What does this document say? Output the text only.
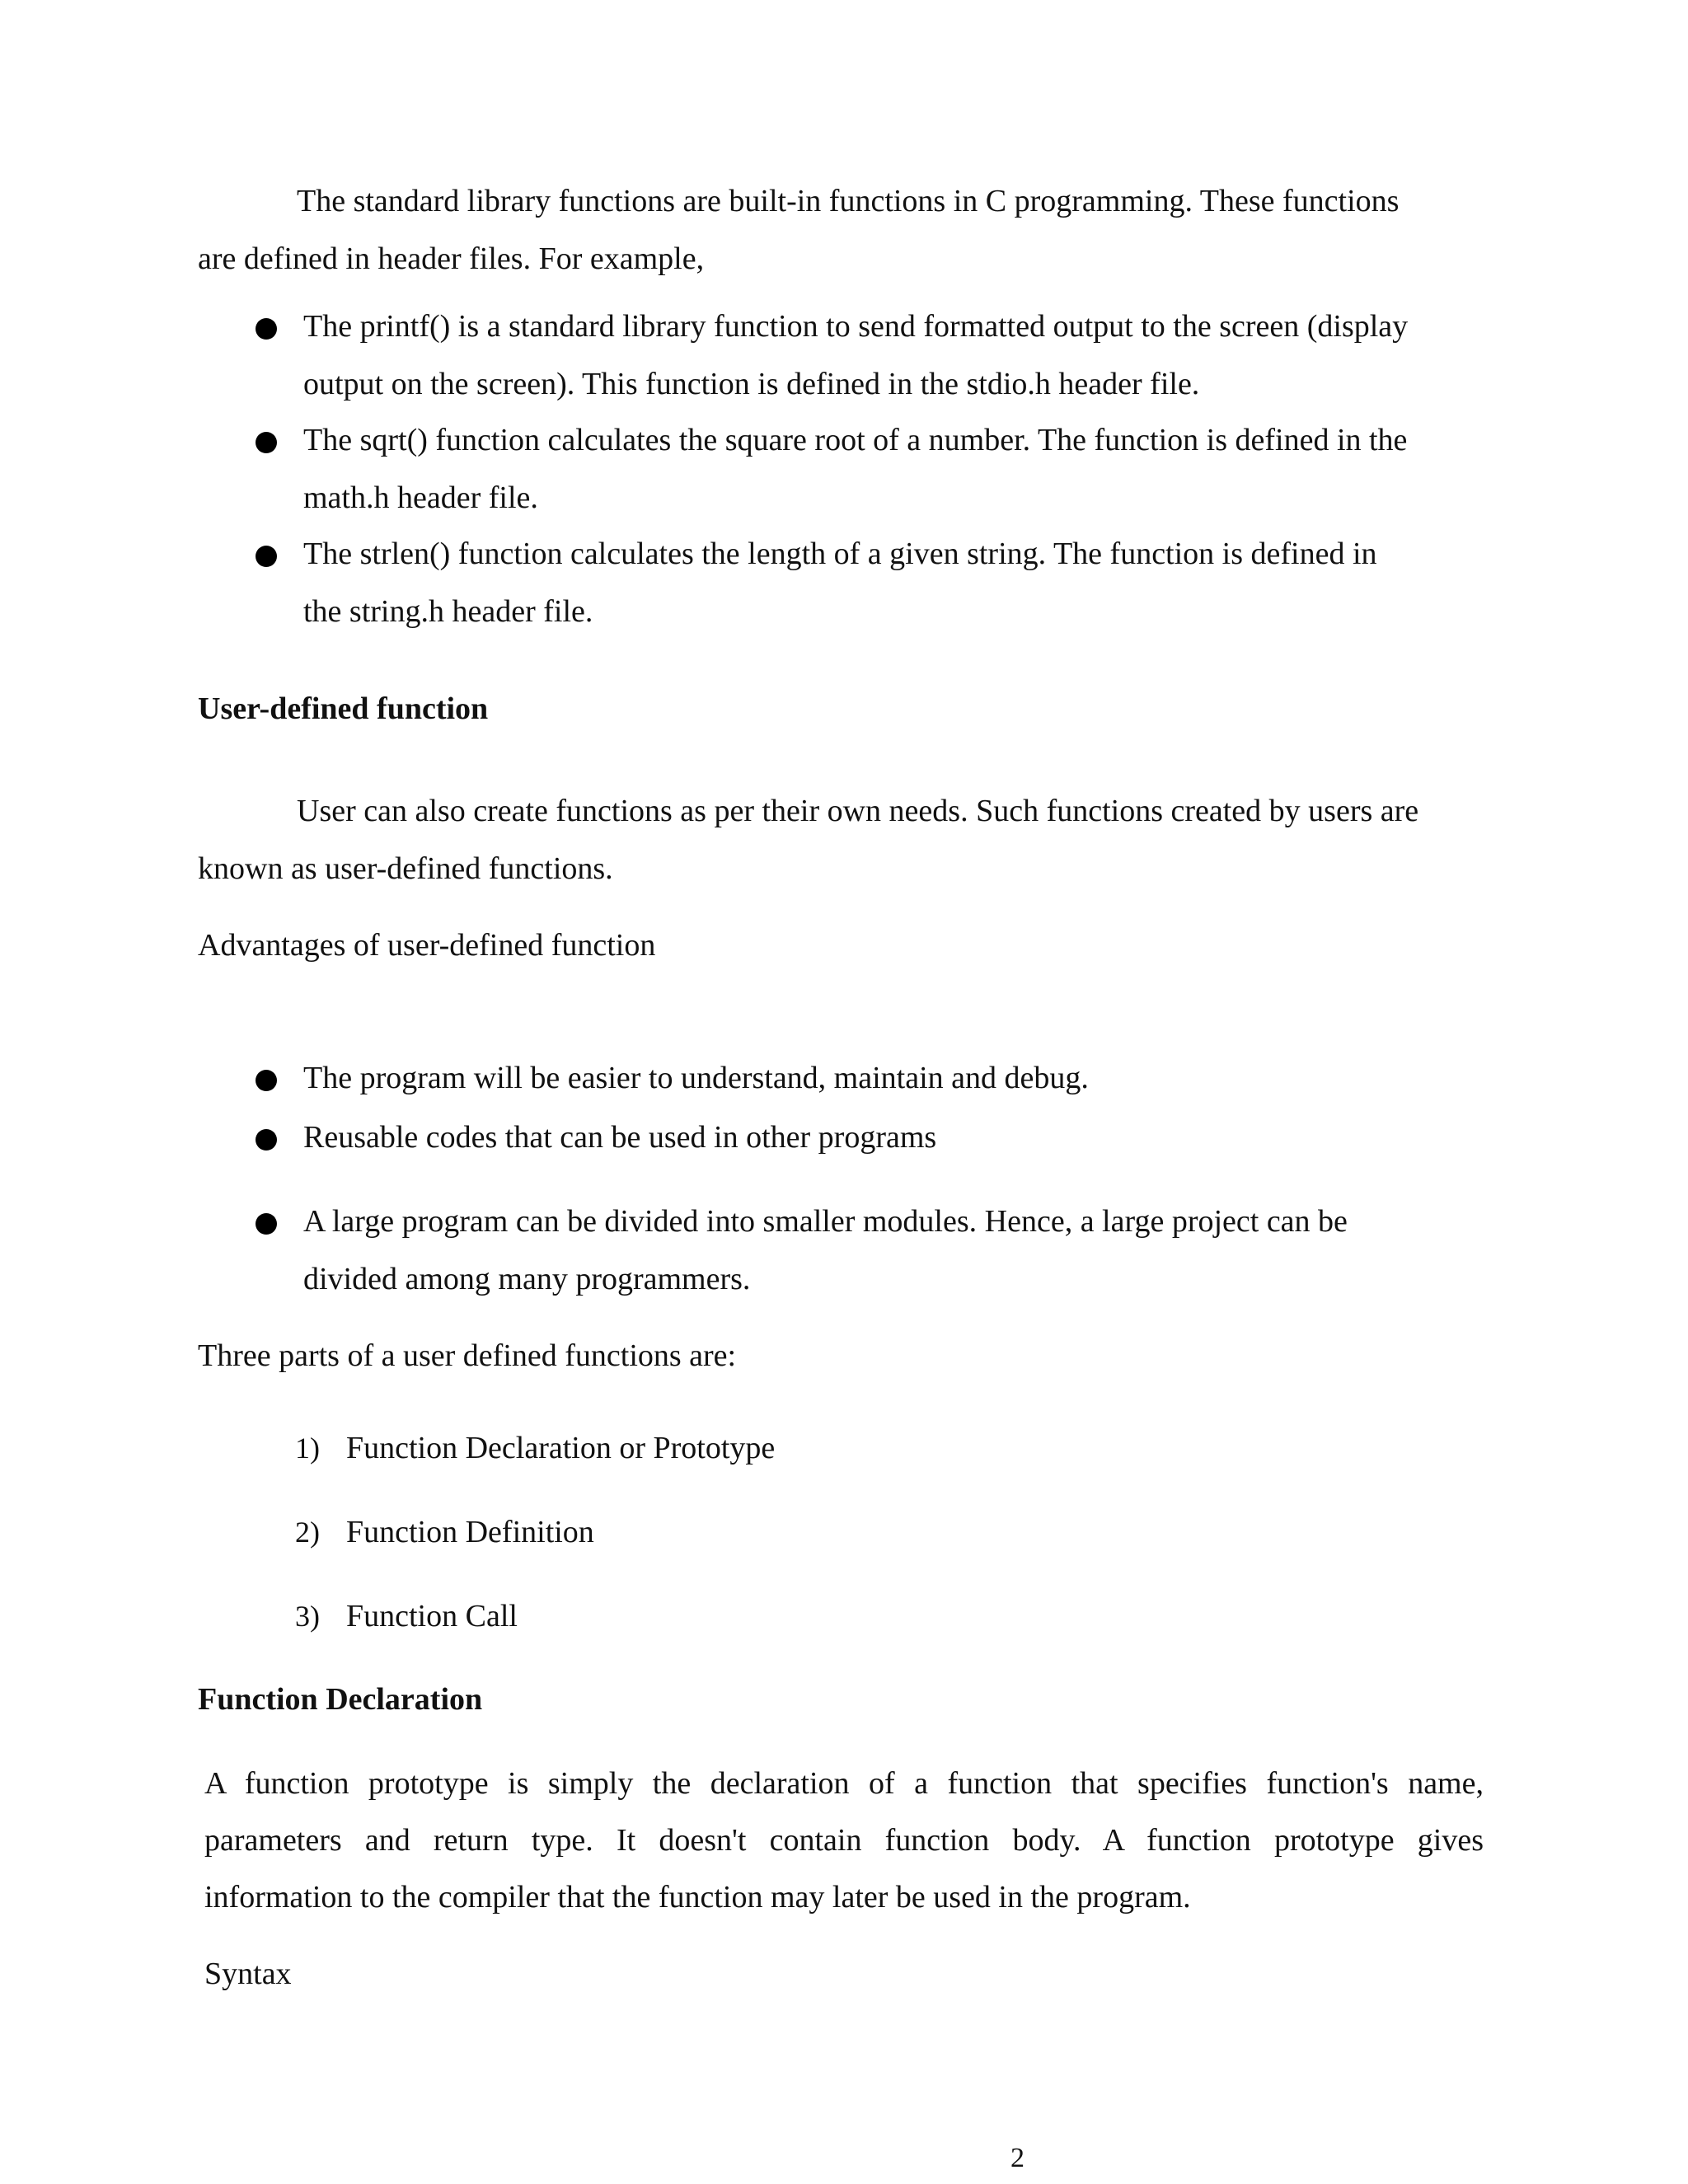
The standard library functions are built-in functions in C programming. These functions
are defined in header files. For example,
The printf() is a standard library function to send formatted output to the screen (display
output on the screen). This function is defined in the stdio.h header file.
The sqrt() function calculates the square root of a number. The function is defined in the
math.h header file.
The strlen() function calculates the length of a given string. The function is defined in
the string.h header file.
User-defined function
User can also create functions as per their own needs. Such functions created by users are
known as user-defined functions.
Advantages of user-defined function
The program will be easier to understand, maintain and debug.
Reusable codes that can be used in other programs
A large program can be divided into smaller modules. Hence, a large project can be
divided among many programmers.
Three parts of a user defined functions are:
1) Function Declaration or Prototype
2) Function Definition
3) Function Call
Function Declaration
A function prototype is simply the declaration of a function that specifies function's name,
parameters and return type. It doesn't contain function body. A function prototype gives
information to the compiler that the function may later be used in the program.
Syntax
2
